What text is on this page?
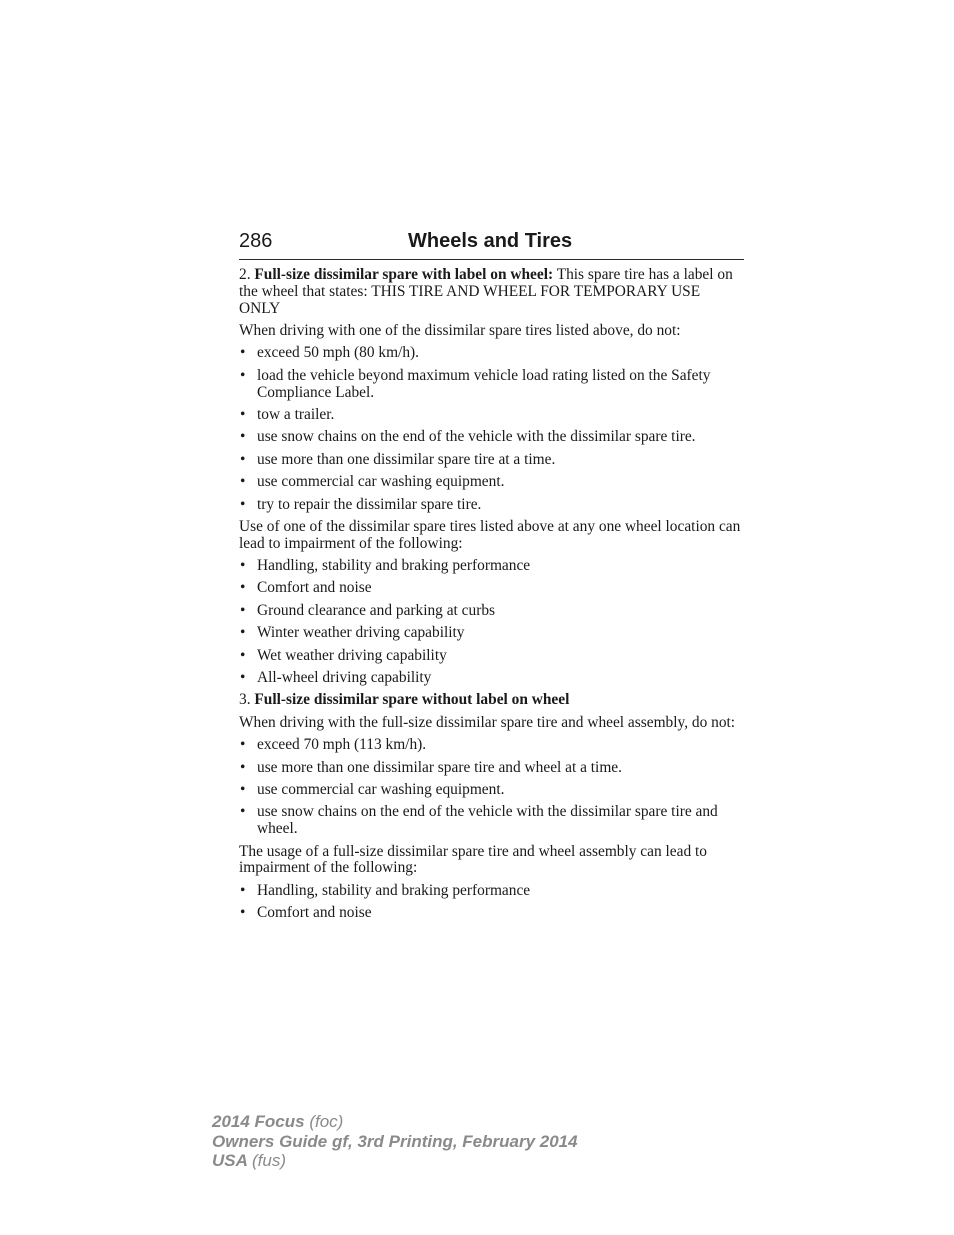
286	Wheels and Tires

2. Full-size dissimilar spare with label on wheel: This spare tire has a label on the wheel that states: THIS TIRE AND WHEEL FOR TEMPORARY USE ONLY

When driving with one of the dissimilar spare tires listed above, do not:

• exceed 50 mph (80 km/h).
• load the vehicle beyond maximum vehicle load rating listed on the Safety Compliance Label.
• tow a trailer.
• use snow chains on the end of the vehicle with the dissimilar spare tire.
• use more than one dissimilar spare tire at a time.
• use commercial car washing equipment.
• try to repair the dissimilar spare tire.

Use of one of the dissimilar spare tires listed above at any one wheel location can lead to impairment of the following:

• Handling, stability and braking performance
• Comfort and noise
• Ground clearance and parking at curbs
• Winter weather driving capability
• Wet weather driving capability
• All-wheel driving capability

3. Full-size dissimilar spare without label on wheel

When driving with the full-size dissimilar spare tire and wheel assembly, do not:

• exceed 70 mph (113 km/h).
• use more than one dissimilar spare tire and wheel at a time.
• use commercial car washing equipment.
• use snow chains on the end of the vehicle with the dissimilar spare tire and wheel.

The usage of a full-size dissimilar spare tire and wheel assembly can lead to impairment of the following:

• Handling, stability and braking performance
• Comfort and noise
2014 Focus (foc)
Owners Guide gf, 3rd Printing, February 2014
USA (fus)
